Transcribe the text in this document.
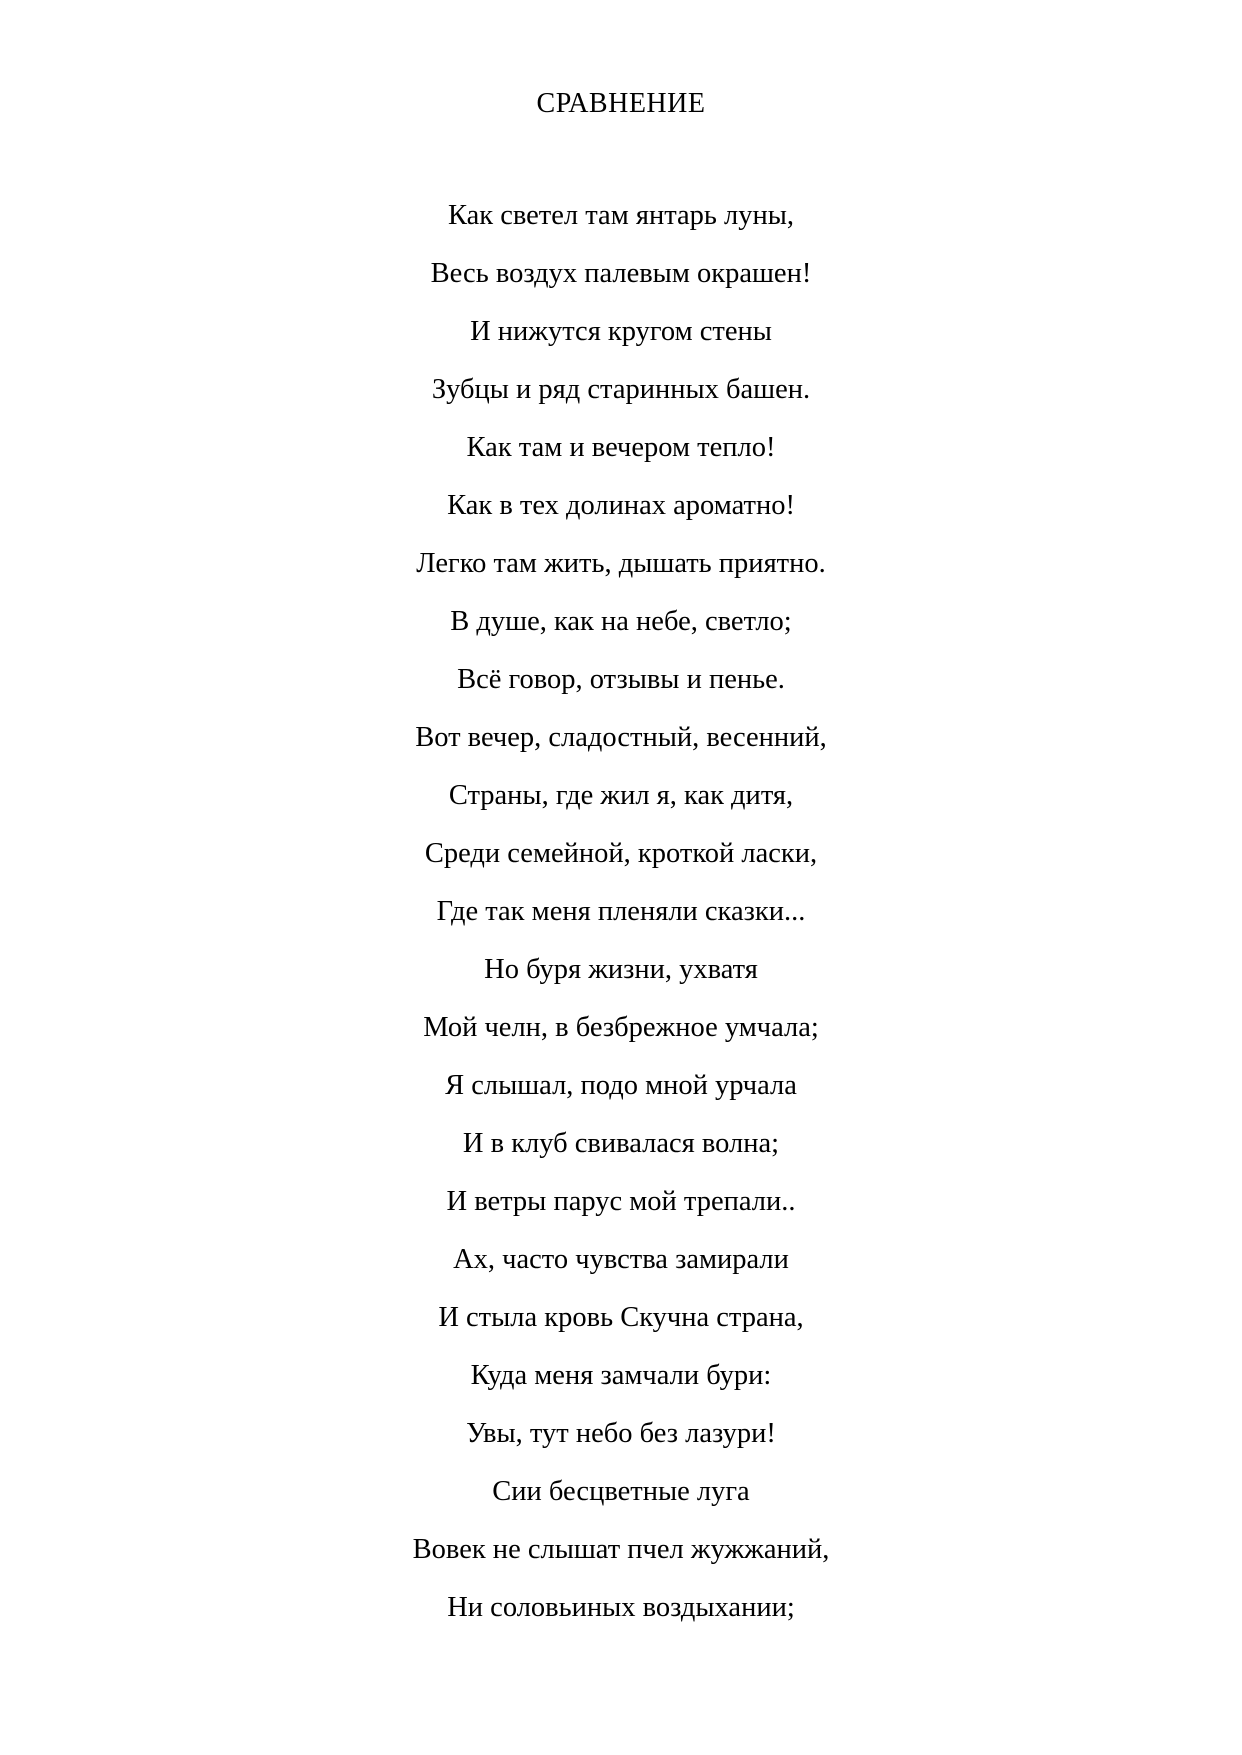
СРАВНЕНИЕ
Как светел там янтарь луны,
Весь воздух палевым окрашен!
И нижутся кругом стены
Зубцы и ряд старинных башен.
Как там и вечером тепло!
Как в тех долинах ароматно!
Легко там жить, дышать приятно.
В душе, как на небе, светло;
Всё говор, отзывы и пенье.
Вот вечер, сладостный, весенний,
Страны, где жил я, как дитя,
Среди семейной, кроткой ласки,
Где так меня пленяли сказки...
Но буря жизни, ухватя
Мой челн, в безбрежное умчала;
Я слышал, подо мной урчала
И в клуб свивалася волна;
И ветры парус мой трепали..
Ах, часто чувства замирали
И стыла кровь Скучна страна,
Куда меня замчали бури:
Увы, тут небо без лазури!
Сии бесцветные луга
Вовек не слышат пчел жужжаний,
Ни соловьиных воздыхании;
